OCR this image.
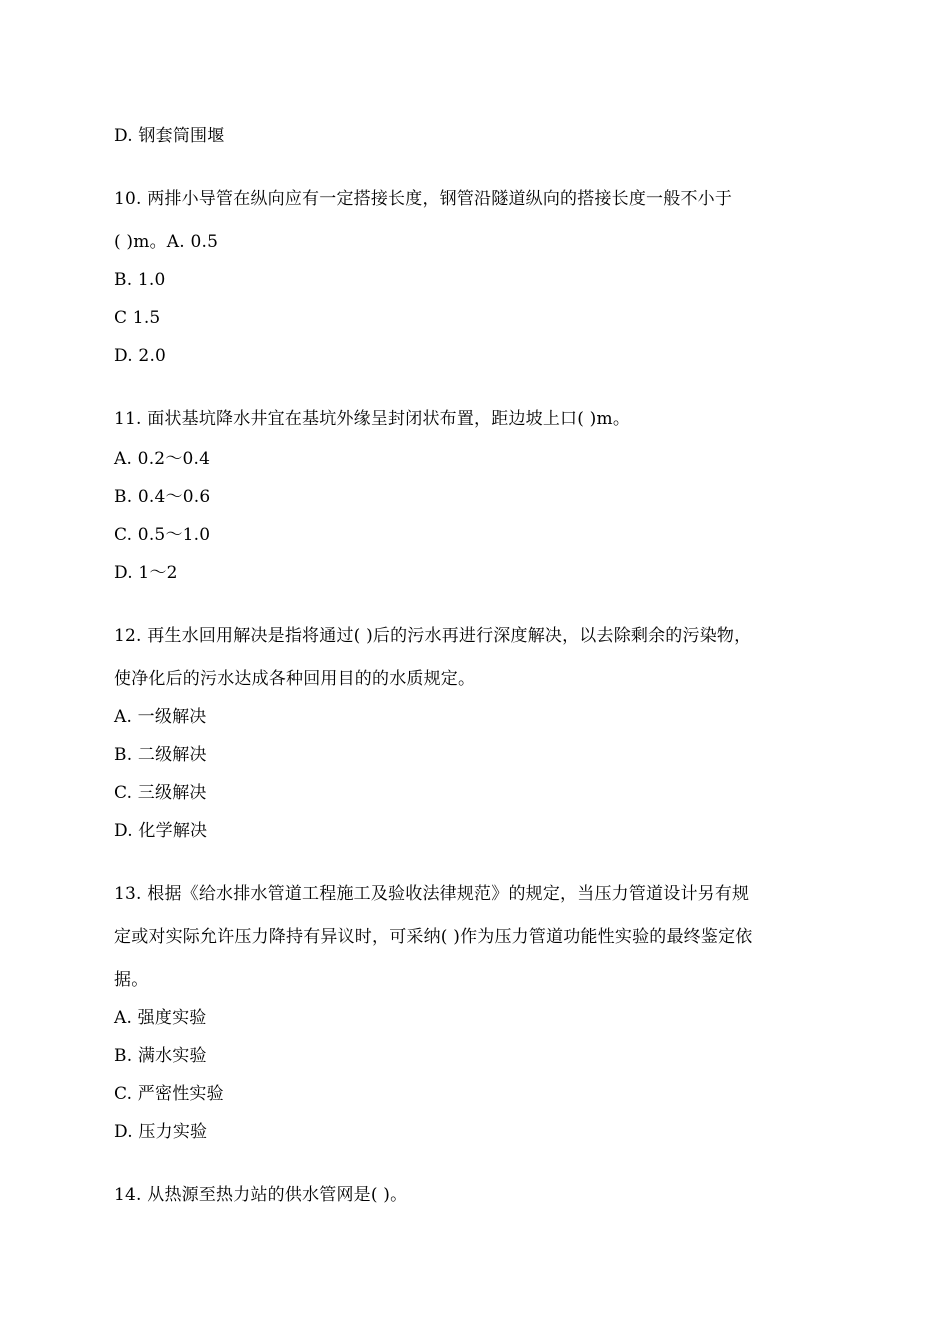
D. 钢套筒围堰
10. 两排小导管在纵向应有一定搭接长度，钢管沿隧道纵向的搭接长度一般不小于
( )m。A. 0.5
B. 1.0
C 1.5
D. 2.0
11. 面状基坑降水井宜在基坑外缘呈封闭状布置，距边坡上口( )m。
A. 0.2～0.4
B. 0.4～0.6
C. 0.5～1.0
D. 1～2
12. 再生水回用解决是指将通过( )后的污水再进行深度解决，以去除剩余的污染物，
使净化后的污水达成各种回用目的的水质规定。
A. 一级解决
B. 二级解决
C. 三级解决
D. 化学解决
13. 根据《给水排水管道工程施工及验收法律规范》的规定，当压力管道设计另有规
定或对实际允许压力降持有异议时，可采纳( )作为压力管道功能性实验的最终鉴定依
据。
A. 强度实验
B. 满水实验
C. 严密性实验
D. 压力实验
14. 从热源至热力站的供水管网是( )。
